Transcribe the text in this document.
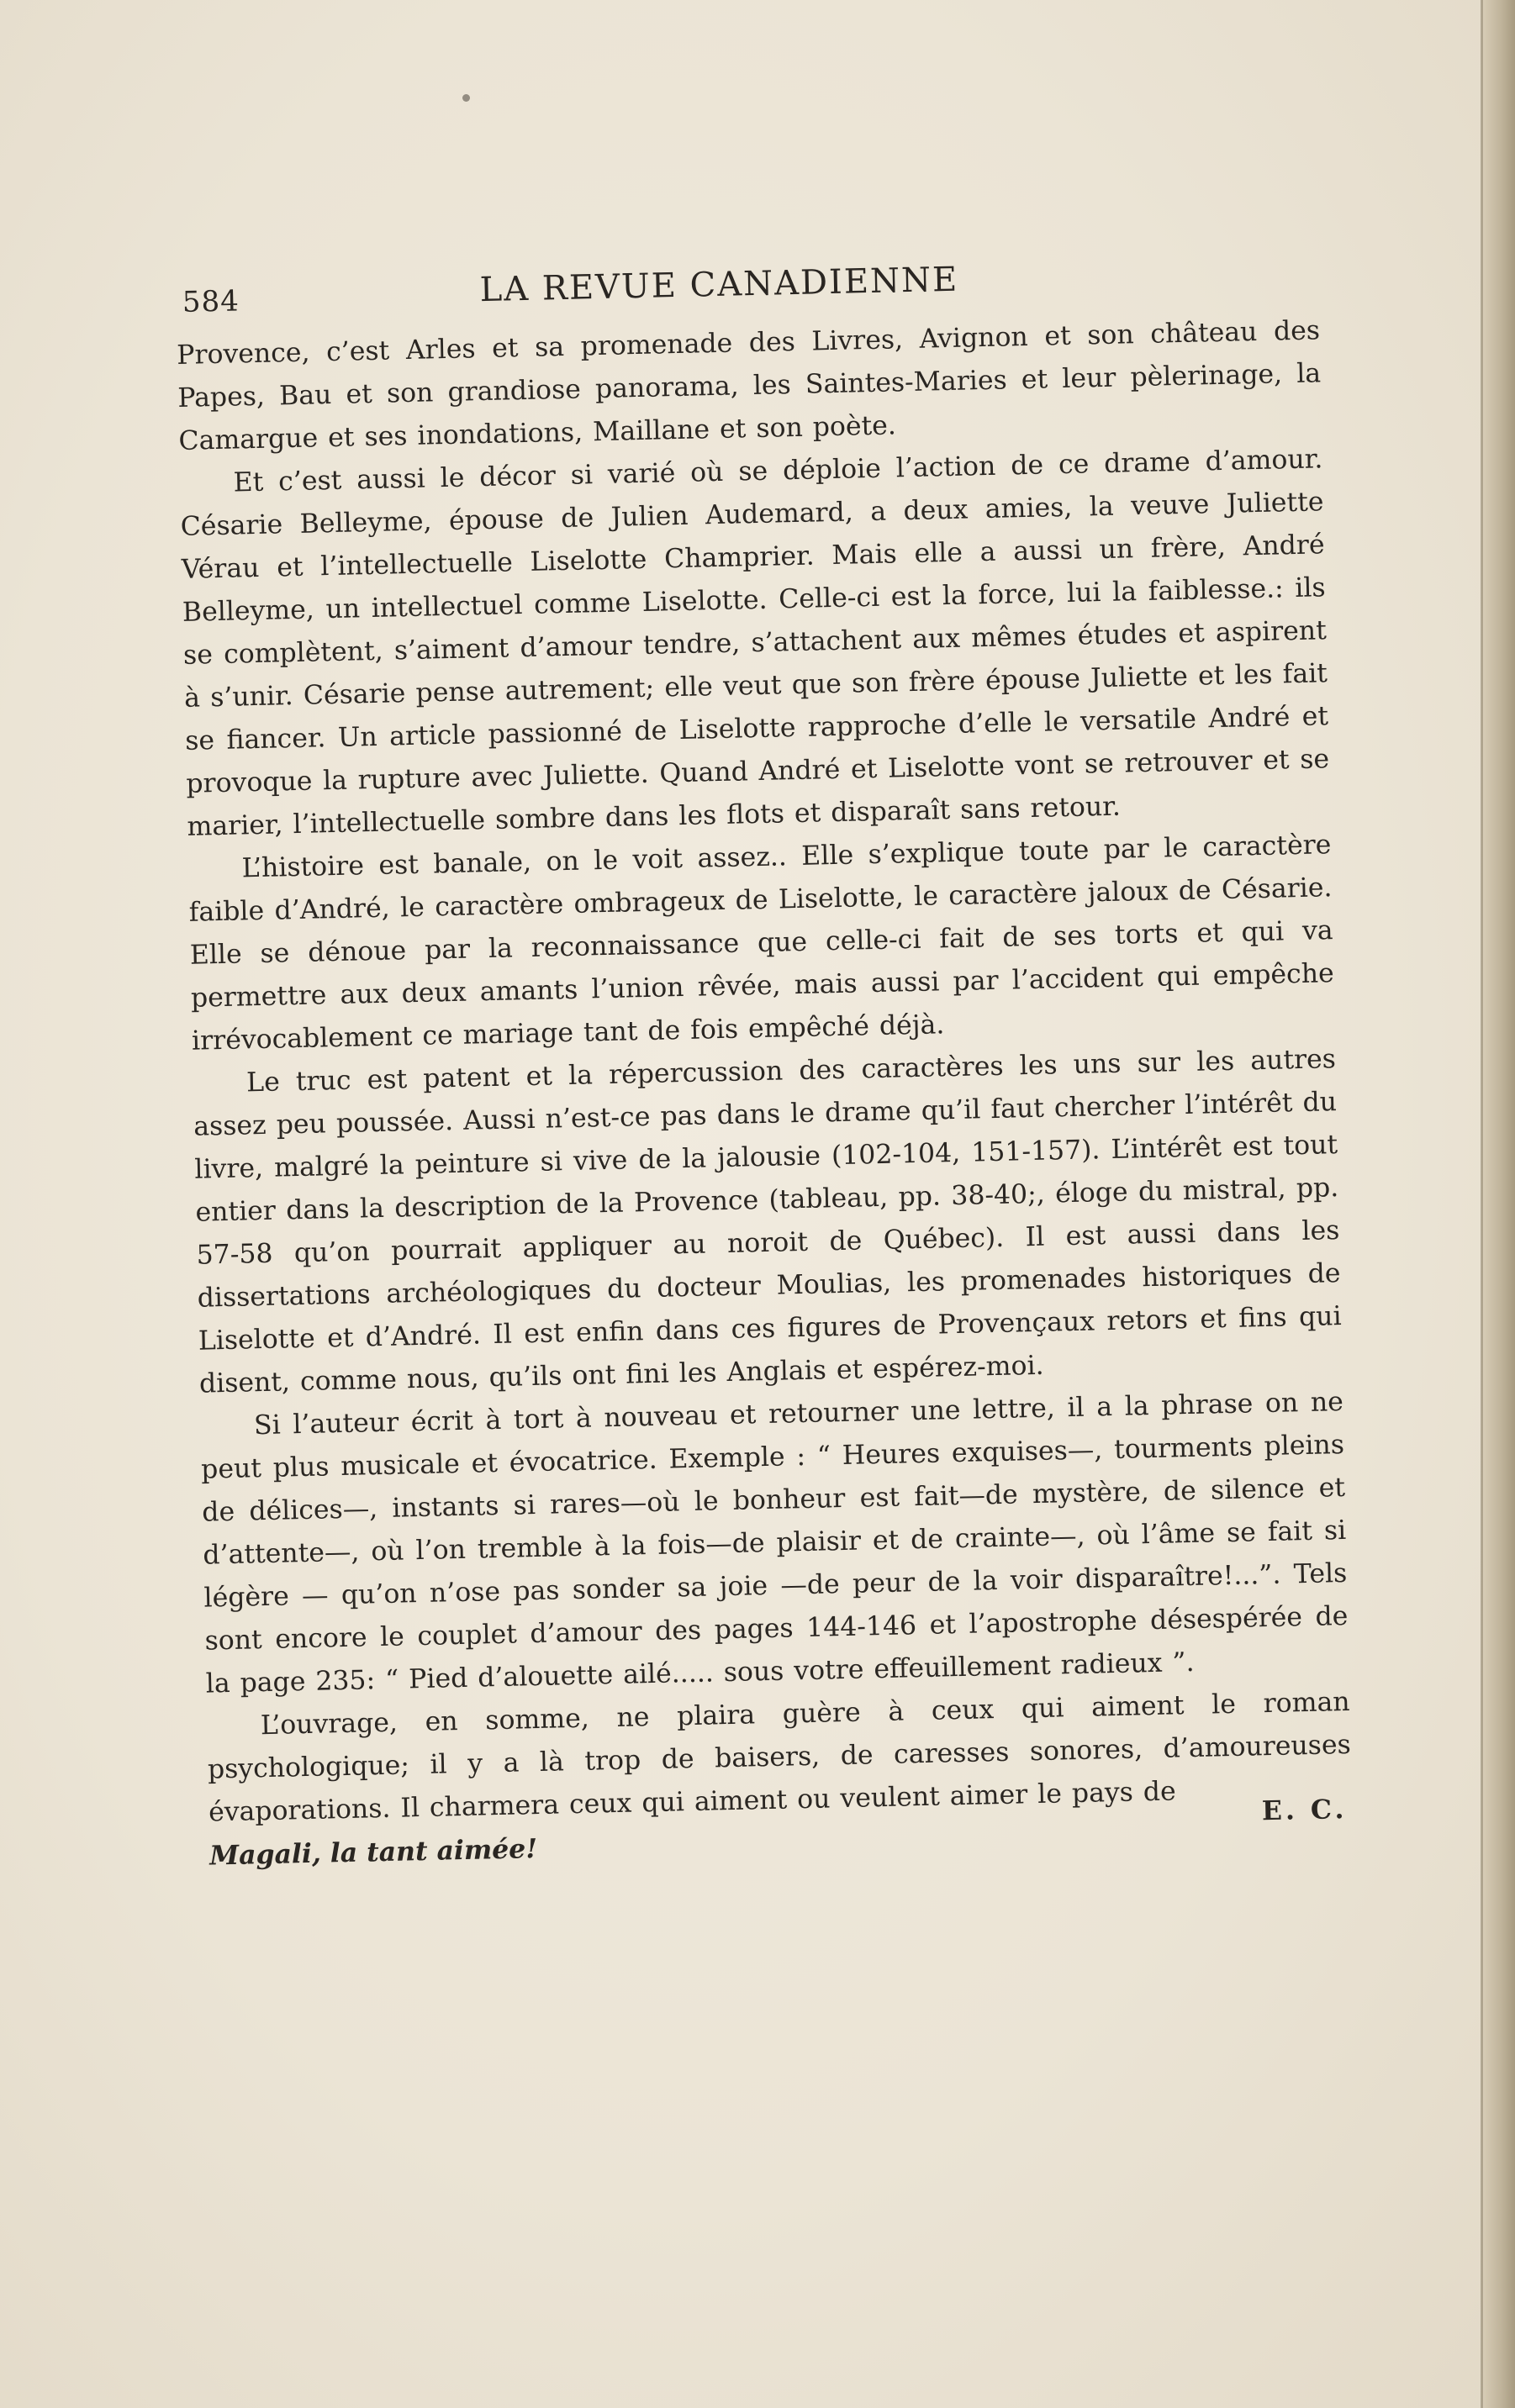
584	LA REVUE CANADIENNE

Provence, c’est Arles et sa promenade des Livres, Avignon et son château des Papes, Bau et son grandiose panorama, les Saintes-Maries et leur pèlerinage, la Camargue et ses inondations, Maillane et son poète.

Et c’est aussi le décor si varié où se déploie l’action de ce drame d’amour. Césarie Belleyme, épouse de Julien Audemard, a deux amies, la veuve Juliette Vérau et l’intellectuelle Liselotte Champrier. Mais elle a aussi un frère, André Belleyme, un intellectuel comme Liselotte. Celle-ci est la force, lui la faiblesse.: ils se complètent, s’aiment d’amour tendre, s’attachent aux mêmes études et aspirent à s’unir. Césarie pense autrement; elle veut que son frère épouse Juliette et les fait se fiancer. Un article passionné de Liselotte rapproche d’elle le versatile André et provoque la rupture avec Juliette. Quand André et Liselotte vont se retrouver et se marier, l’intellectuelle sombre dans les flots et disparaît sans retour.

L’histoire est banale, on le voit assez.. Elle s’explique toute par le caractère faible d’André, le caractère ombrageux de Liselotte, le caractère jaloux de Césarie. Elle se dénoue par la reconnaissance que celle-ci fait de ses torts et qui va permettre aux deux amants l’union rêvée, mais aussi par l’accident qui empêche irrévocablement ce mariage tant de fois empêché déjà.

Le truc est patent et la répercussion des caractères les uns sur les autres assez peu poussée. Aussi n’est-ce pas dans le drame qu’il faut chercher l’intérêt du livre, malgré la peinture si vive de la jalousie (102-104, 151-157). L’intérêt est tout entier dans la description de la Provence (tableau, pp. 38-40;, éloge du mistral, pp. 57-58 qu’on pourrait appliquer au noroit de Québec). Il est aussi dans les dissertations archéologiques du docteur Moulias, les promenades historiques de Liselotte et d’André. Il est enfin dans ces figures de Provençaux retors et fins qui disent, comme nous, qu’ils ont fini les Anglais et espérez-moi.

Si l’auteur écrit à tort à nouveau et retourner une lettre, il a la phrase on ne peut plus musicale et évocatrice. Exemple : “ Heures exquises—, tourments pleins de délices—, instants si rares—où le bonheur est fait—de mystère, de silence et d’attente—, où l’on tremble à la fois—de plaisir et de crainte—, où l’âme se fait si légère — qu’on n’ose pas sonder sa joie —de peur de la voir disparaître!...”. Tels sont encore le couplet d’amour des pages 144-146 et l’apostrophe désespérée de la page 235: “ Pied d’alouette ailé..... sous votre effeuillement radieux ”.

L’ouvrage, en somme, ne plaira guère à ceux qui aiment le roman psychologique; il y a là trop de baisers, de caresses sonores, d’amoureuses évaporations. Il charmera ceux qui aiment ou veulent aimer le pays de

Magali, la tant aimée!
E. C.
